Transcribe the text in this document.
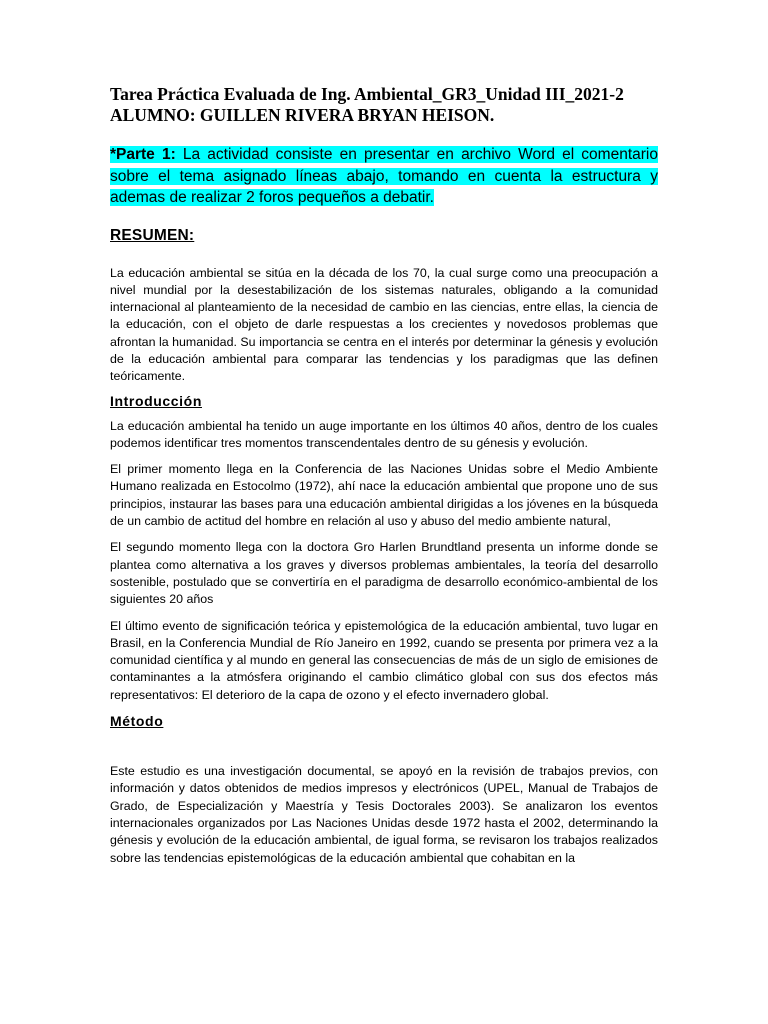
Tarea Práctica Evaluada de Ing. Ambiental_GR3_Unidad III_2021-2
ALUMNO: GUILLEN RIVERA BRYAN HEISON.
*Parte 1: La actividad consiste en presentar en archivo Word el comentario sobre el tema asignado líneas abajo, tomando en cuenta la estructura y ademas de realizar 2 foros pequeños a debatir.
RESUMEN:

La educación ambiental se sitúa en la década de los 70, la cual surge como una preocupación a nivel mundial por la desestabilización de los sistemas naturales, obligando a la comunidad internacional al planteamiento de la necesidad de cambio en las ciencias, entre ellas, la ciencia de la educación, con el objeto de darle respuestas a los crecientes y novedosos problemas que afrontan la humanidad. Su importancia se centra en el interés por determinar la génesis y evolución de la educación ambiental para comparar las tendencias y los paradigmas que las definen teóricamente.

Introducción

La educación ambiental ha tenido un auge importante en los últimos 40 años, dentro de los cuales podemos identificar tres momentos transcendentales dentro de su génesis y evolución.

El primer momento llega en la Conferencia de las Naciones Unidas sobre el Medio Ambiente Humano realizada en Estocolmo (1972), ahí nace la educación ambiental que propone uno de sus principios, instaurar las bases para una educación ambiental dirigidas a los jóvenes en la búsqueda de un cambio de actitud del hombre en relación al uso y abuso del medio ambiente natural,

El segundo momento llega con la doctora Gro Harlen Brundtland presenta un informe donde se plantea como alternativa a los graves y diversos problemas ambientales, la teoría del desarrollo sostenible, postulado que se convertiría en el paradigma de desarrollo económico-ambiental de los siguientes 20 años

El último evento de significación teórica y epistemológica de la educación ambiental, tuvo lugar en Brasil, en la Conferencia Mundial de Río Janeiro en 1992, cuando se presenta por primera vez a la comunidad científica y al mundo en general las consecuencias de más de un siglo de emisiones de contaminantes a la atmósfera originando el cambio climático global con sus dos efectos más representativos: El deterioro de la capa de ozono y el efecto invernadero global.

Método

Este estudio es una investigación documental, se apoyó en la revisión de trabajos previos, con información y datos obtenidos de medios impresos y electrónicos (UPEL, Manual de Trabajos de Grado, de Especialización y Maestría y Tesis Doctorales 2003). Se analizaron los eventos internacionales organizados por Las Naciones Unidas desde 1972 hasta el 2002, determinando la génesis y evolución de la educación ambiental, de igual forma, se revisaron los trabajos realizados sobre las tendencias epistemológicas de la educación ambiental que cohabitan en la
